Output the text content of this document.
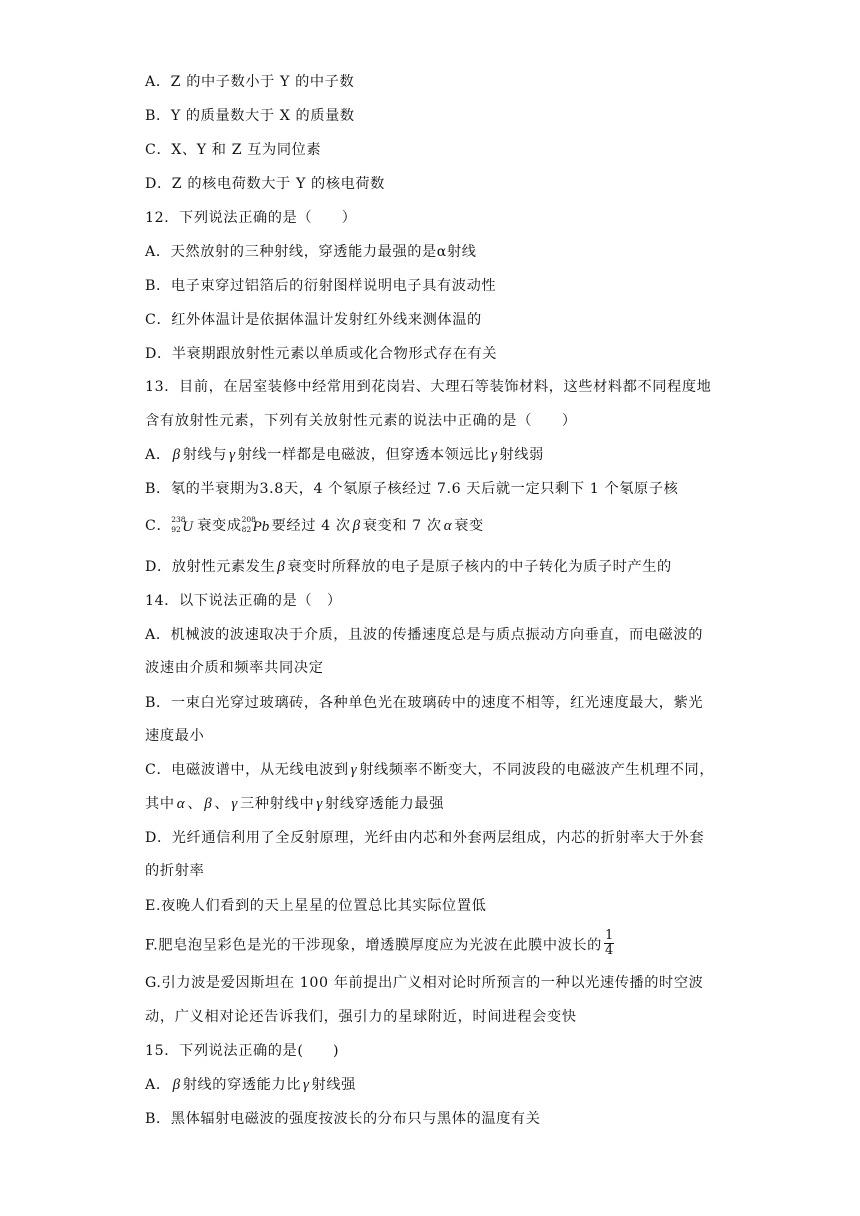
A．Z 的中子数小于 Y 的中子数
B．Y 的质量数大于 X 的质量数
C．X、Y 和 Z 互为同位素
D．Z 的核电荷数大于 Y 的核电荷数
12．下列说法正确的是（　　）
A．天然放射的三种射线，穿透能力最强的是α射线
B．电子束穿过铝箔后的衍射图样说明电子具有波动性
C．红外体温计是依据体温计发射红外线来测体温的
D．半衰期跟放射性元素以单质或化合物形式存在有关
13．目前，在居室装修中经常用到花岗岩、大理石等装饰材料，这些材料都不同程度地
含有放射性元素，下列有关放射性元素的说法中正确的是（　　）
A． β 射线与 γ 射线一样都是电磁波，但穿透本领远比 γ 射线弱
B．氡的半衰期为3.8天，4 个氡原子核经过 7.6 天后就一定只剩下 1 个氡原子核
C． 238
92 U 衰变成 208
82 Pb 要经过 4 次 β 衰变和 7 次 α 衰变
D．放射性元素发生 β 衰变时所释放的电子是原子核内的中子转化为质子时产生的
14．以下说法正确的是（　）
A．机械波的波速取决于介质，且波的传播速度总是与质点振动方向垂直，而电磁波的
波速由介质和频率共同决定
B．一束白光穿过玻璃砖，各种单色光在玻璃砖中的速度不相等，红光速度最大，紫光
速度最小
C．电磁波谱中，从无线电波到 γ 射线频率不断变大，不同波段的电磁波产生机理不同，
其中 α 、 β 、 γ 三种射线中 γ 射线穿透能力最强
D．光纤通信利用了全反射原理，光纤由内芯和外套两层组成，内芯的折射率大于外套
的折射率
E.夜晚人们看到的天上星星的位置总比其实际位置低
F.肥皂泡呈彩色是光的干涉现象，增透膜厚度应为光波在此膜中波长的 $\frac{1}{4}$
G.引力波是爱因斯坦在 100 年前提出广义相对论时所预言的一种以光速传播的时空波
动，广义相对论还告诉我们，强引力的星球附近，时间进程会变快
15．下列说法正确的是(　　)
A． β 射线的穿透能力比 γ 射线强
B．黑体辐射电磁波的强度按波长的分布只与黑体的温度有关
